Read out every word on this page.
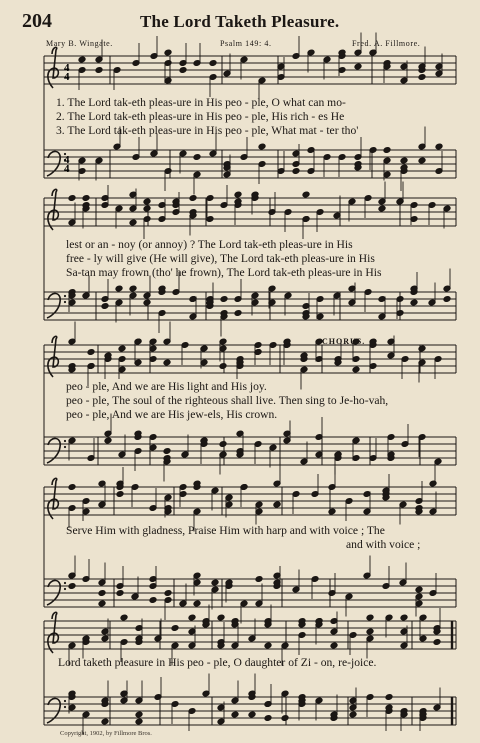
204	The Lord Taketh Pleasure.
Mary B. Wingate.	Psalm 149: 4.	Fred. A. Fillmore.
4
4
4
4
1. The Lord tak-eth pleas-ure in His peo - ple, O what can mo-
2. The Lord tak-eth pleas-ure in His peo - ple, His rich - es He
3. The Lord tak-eth pleas-ure in His peo - ple, What mat - ter tho'
lest or an - noy (or annoy) ? The Lord tak-eth pleas-ure in His
free - ly will give (He will give), The Lord tak-eth pleas-ure in His
Sa-tan may frown (tho' he frown), The Lord tak-eth pleas-ure in His
CHORUS.
peo - ple, And we are His light and His joy.
peo - ple, The soul of the righteous shall live. Then sing to Je-ho-vah,
peo - ple, And we are His jew-els, His crown.
Serve Him with gladness, Praise Him with harp and with voice ; The
and with voice ;
Lord taketh pleasure in His peo - ple, O daughter of Zi - on, re-joice.
Copyright, 1902, by Fillmore Bros.
